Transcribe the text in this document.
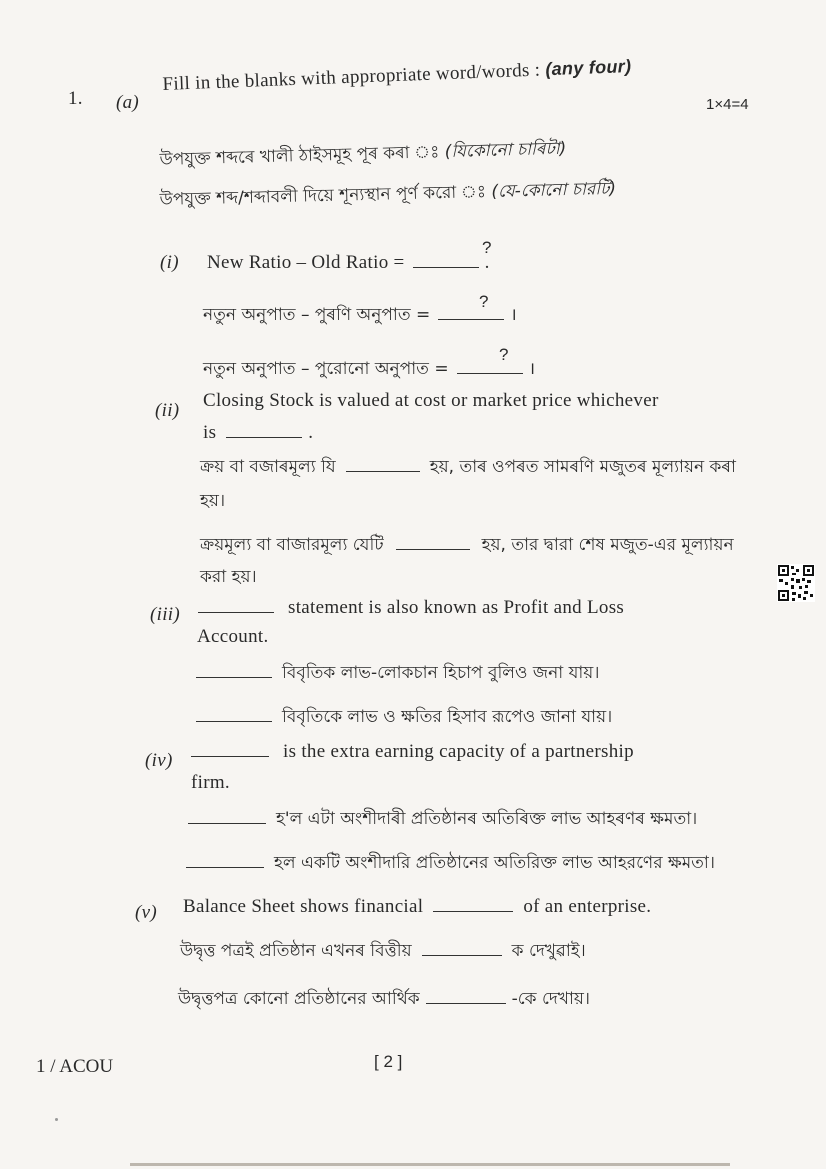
1. (a)
Fill in the blanks with appropriate word/words : (any four)
1×4=4
উপযুক্ত শব্দৰে খালী ঠাইসমূহ পূৰ কৰা ঃ (যিকোনো চাৰিটা)
উপযুক্ত শব্দ/শব্দাবলী দিয়ে শূন্যস্থান পূর্ণ করো ঃ (যে-কোনো চারটি)
(i) New Ratio – Old Ratio =	.
?
নতুন অনুপাত – পুৰণি অনুপাত =	।
?
নতুন অনুপাত – পুরোনো অনুপাত =	।
?
(ii) Closing Stock is valued at cost or market price whichever
is	.
ক্ৰয় বা বজাৰমূল্য যি	হয়, তাৰ ওপৰত সামৰণি মজুতৰ মূল্যায়ন কৰা
হয়।
ক্রয়মূল্য বা বাজারমূল্য যেটি	হয়, তার দ্বারা শেষ মজুত-এর মূল্যায়ন
করা হয়।
(iii)	statement is also known as Profit and Loss
Account.
বিবৃতিক লাভ-লোকচান হিচাপ বুলিও জনা যায়।
বিবৃতিকে লাভ ও ক্ষতির হিসাব রূপেও জানা যায়।
(iv)	is the extra earning capacity of a partnership
firm.
হ'ল এটা অংশীদাৰী প্ৰতিষ্ঠানৰ অতিৰিক্ত লাভ আহৰণৰ ক্ষমতা।
হল একটি অংশীদারি প্রতিষ্ঠানের অতিরিক্ত লাভ আহরণের ক্ষমতা।
(v) Balance Sheet shows financial	of an enterprise.
উদ্বৃত্ত পত্ৰই প্ৰতিষ্ঠান এখনৰ বিত্তীয়	ক দেখুৱাই।
উদ্বৃত্তপত্র কোনো প্রতিষ্ঠানের আর্থিক	-কে দেখায়।
1 / ACOU	[ 2 ]
